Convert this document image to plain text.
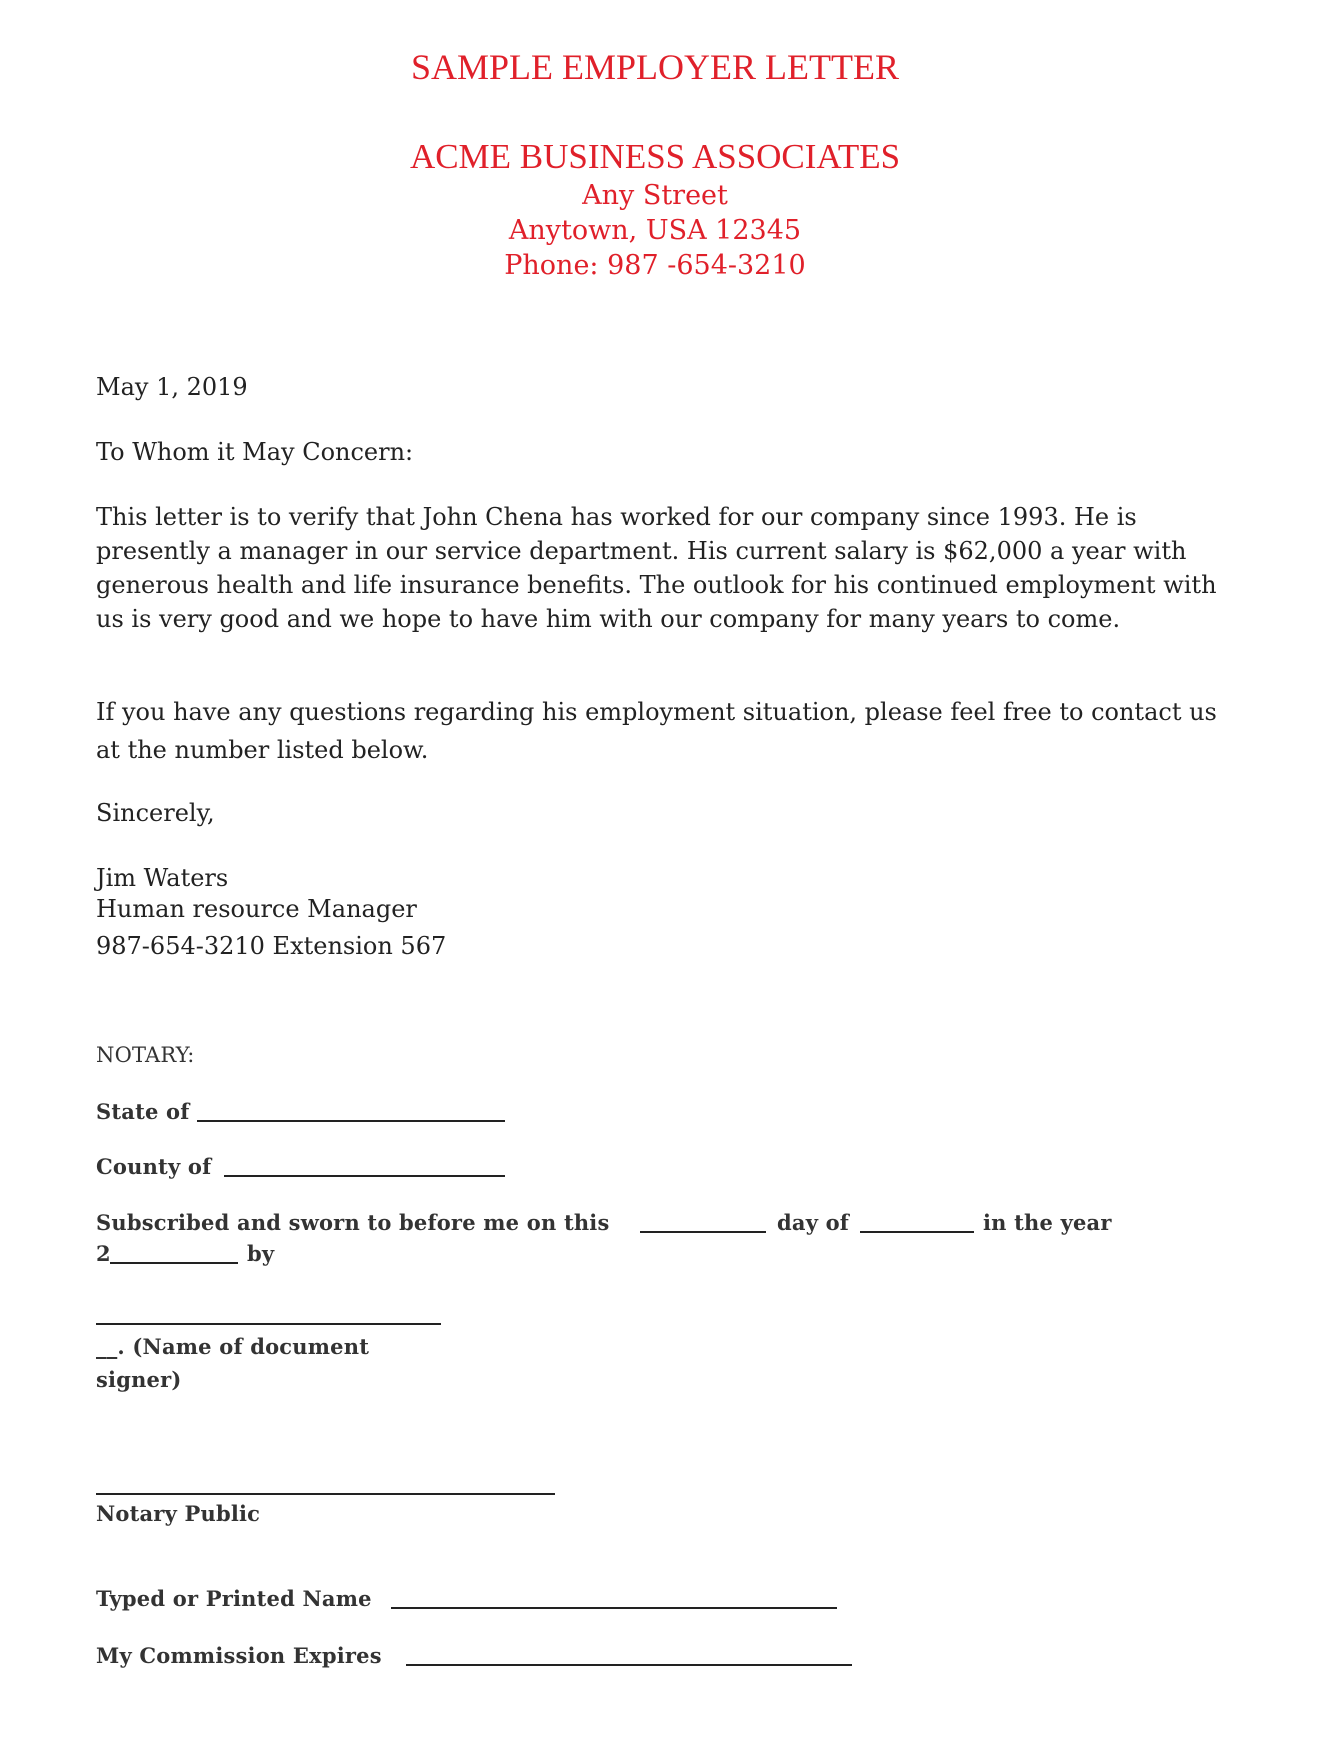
SAMPLE EMPLOYER LETTER
ACME BUSINESS ASSOCIATES
Any Street
Anytown, USA 12345
Phone: 987 -654-3210
May 1, 2019
To Whom it May Concern:
This letter is to verify that John Chena has worked for our company since 1993. He is presently a manager in our service department. His current salary is $62,000 a year with generous health and life insurance benefits. The outlook for his continued employment with us is very good and we hope to have him with our company for many years to come.
If you have any questions regarding his employment situation, please feel free to contact us at the number listed below.
Sincerely,
Jim Waters
Human resource Manager
987-654-3210 Extension 567
NOTARY:
State of
County of
Subscribed and sworn to before me on this	day of	in the year
2	by
__. (Name of document
signer)
Notary Public
Typed or Printed Name
My Commission Expires
